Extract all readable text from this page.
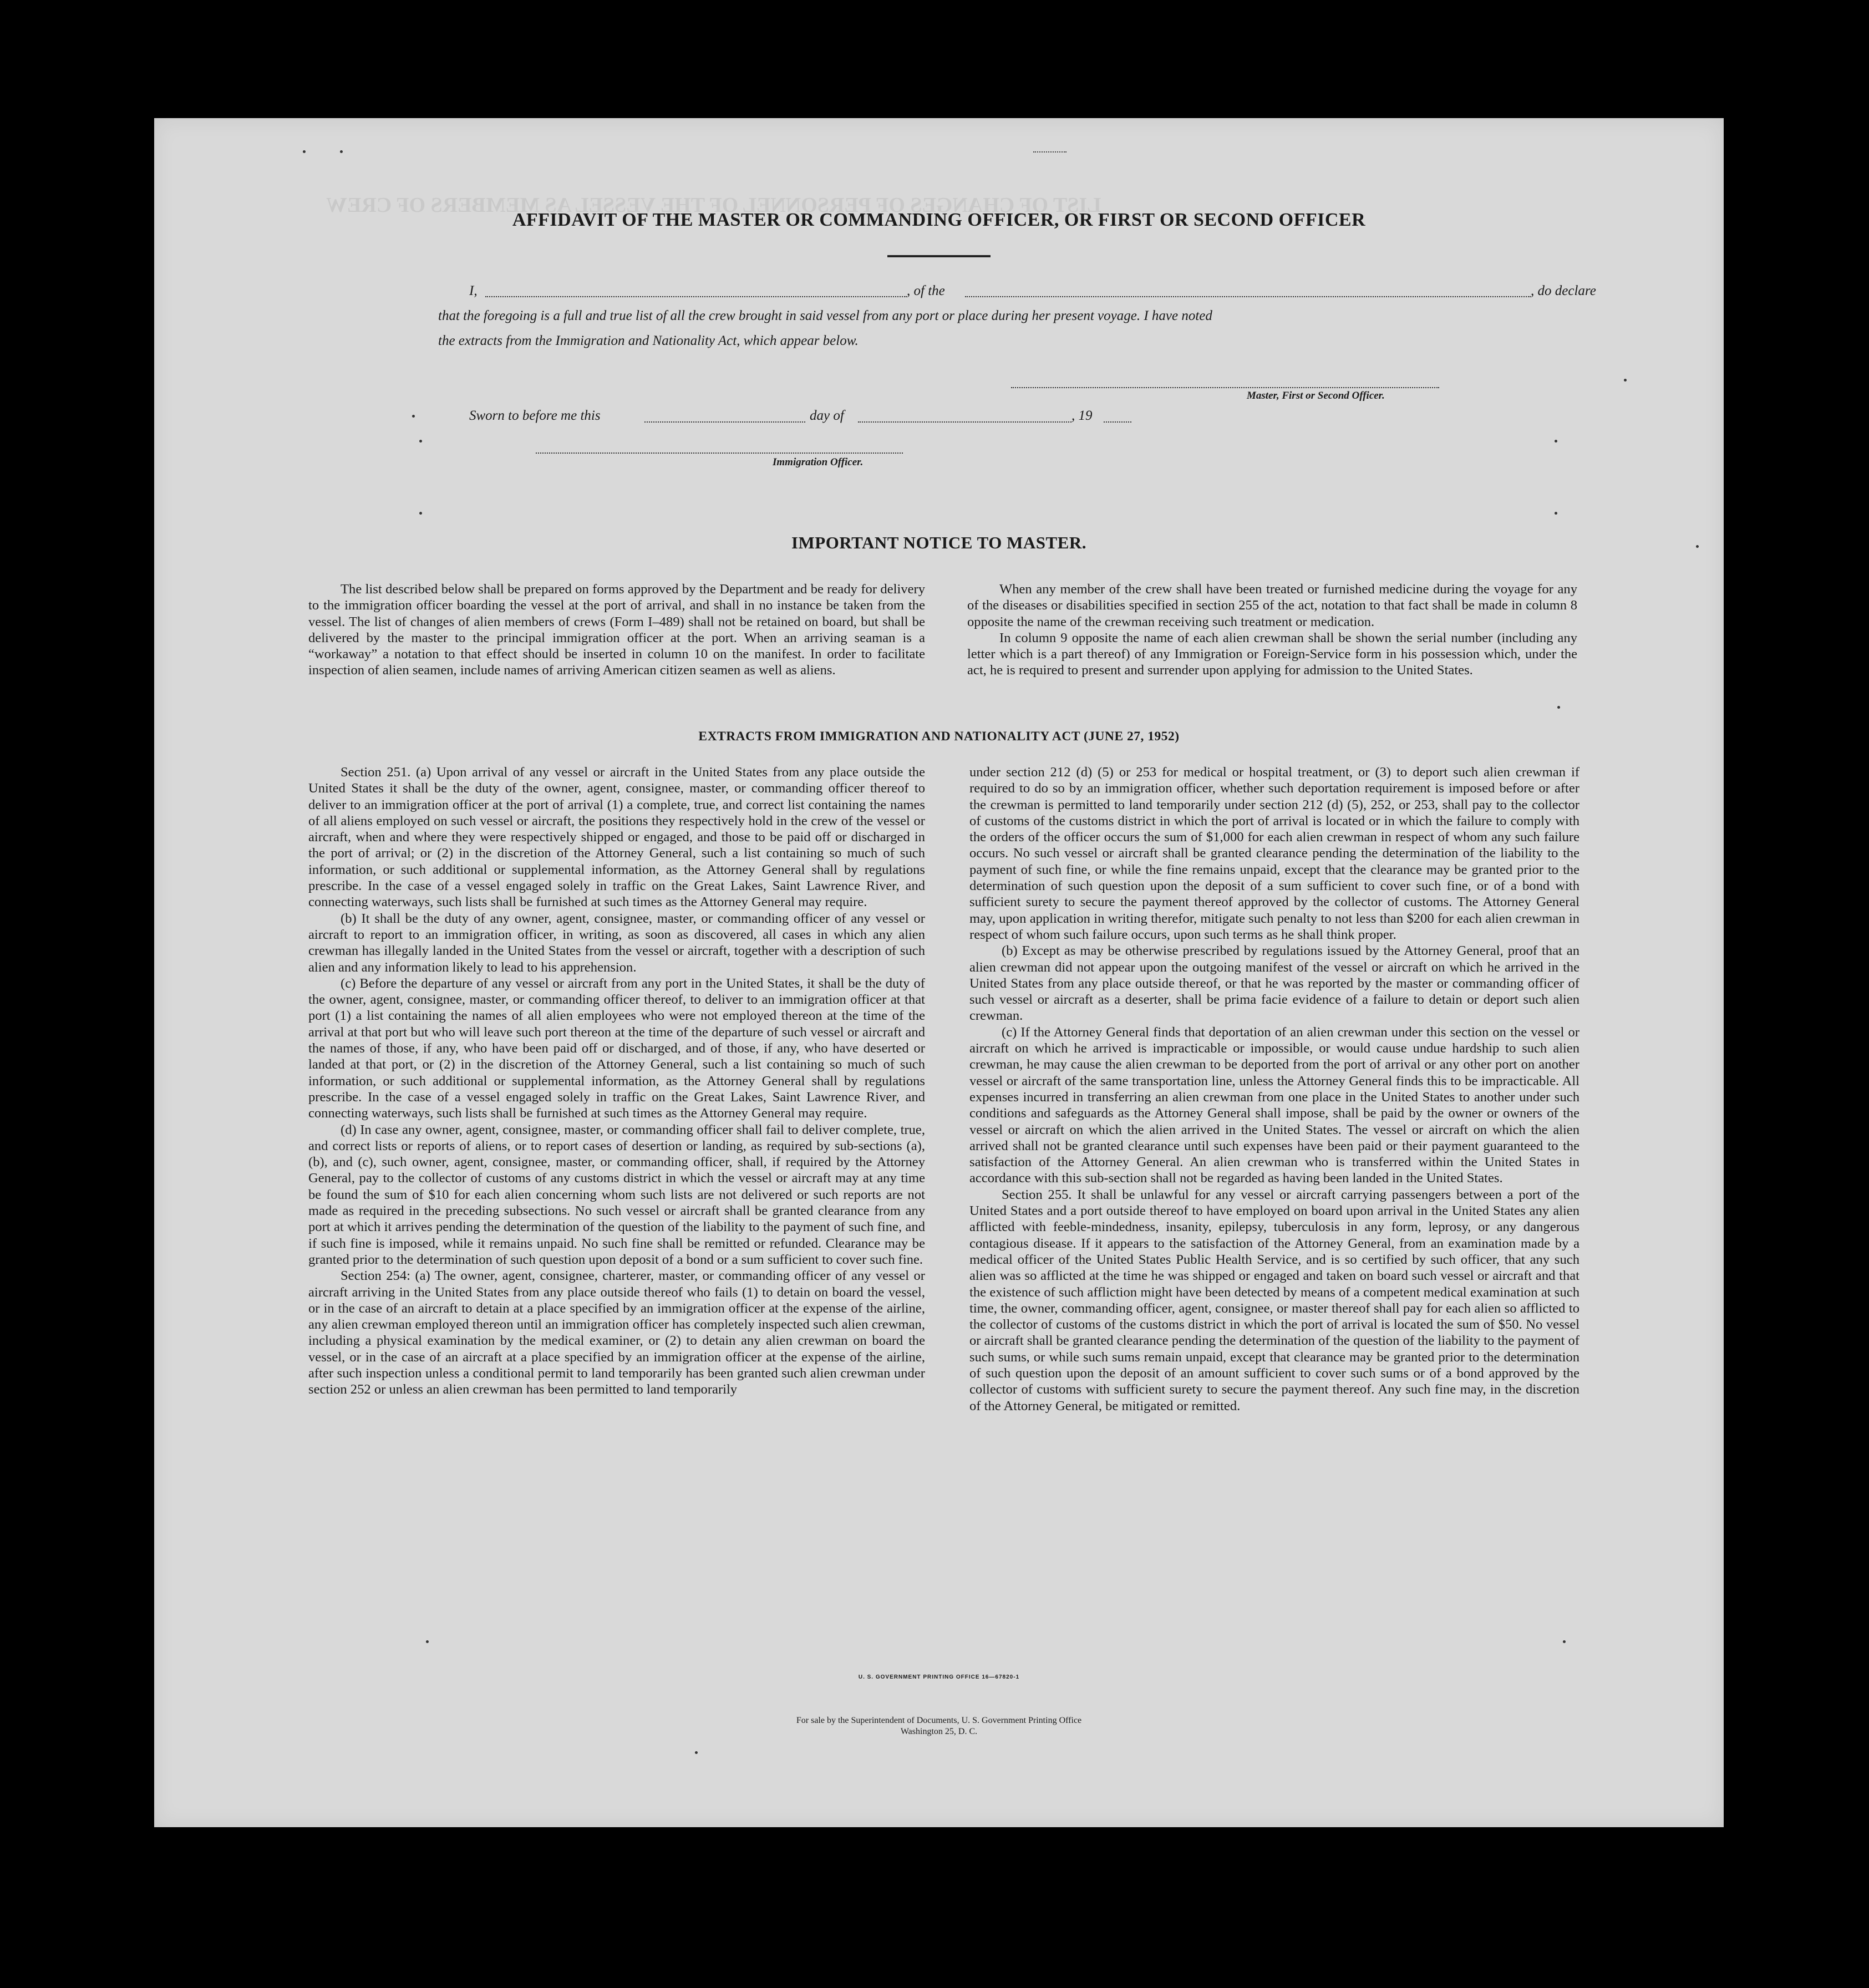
LIST OF CHANGES OF PERSONNEL OF THE VESSEL AS MEMBERS OF CREW
AFFIDAVIT OF THE MASTER OR COMMANDING OFFICER, OR FIRST OR SECOND OFFICER
I,	, of the	, do declare
that the foregoing is a full and true list of all the crew brought in said vessel from any port or place during her present voyage. I have noted
the extracts from the Immigration and Nationality Act, which appear below.
Master, First or Second Officer.
Sworn to before me this	day of	, 19
Immigration Officer.
IMPORTANT NOTICE TO MASTER.

The list described below shall be prepared on forms approved by the Department and be ready for delivery to the immigration officer boarding the vessel at the port of arrival, and shall in no instance be taken from the vessel. The list of changes of alien members of crews (Form I–489) shall not be retained on board, but shall be delivered by the master to the principal immigration officer at the port. When an arriving seaman is a “workaway” a notation to that effect should be inserted in column 10 on the manifest. In order to facilitate inspection of alien seamen, include names of arriving American citizen seamen as well as aliens.

When any member of the crew shall have been treated or furnished medicine during the voyage for any of the diseases or disabilities specified in section 255 of the act, notation to that fact shall be made in column 8 opposite the name of the crewman receiving such treatment or medication.

In column 9 opposite the name of each alien crewman shall be shown the serial number (including any letter which is a part thereof) of any Immigration or Foreign-Service form in his possession which, under the act, he is required to present and surrender upon applying for admission to the United States.

EXTRACTS FROM IMMIGRATION AND NATIONALITY ACT (JUNE 27, 1952)

Section 251. (a) Upon arrival of any vessel or aircraft in the United States from any place outside the United States it shall be the duty of the owner, agent, consignee, master, or commanding officer thereof to deliver to an immigration officer at the port of arrival (1) a complete, true, and correct list containing the names of all aliens employed on such vessel or aircraft, the positions they respectively hold in the crew of the vessel or aircraft, when and where they were respectively shipped or engaged, and those to be paid off or discharged in the port of arrival; or (2) in the discretion of the Attorney General, such a list containing so much of such information, or such additional or supplemental information, as the Attorney General shall by regulations prescribe. In the case of a vessel engaged solely in traffic on the Great Lakes, Saint Lawrence River, and connecting waterways, such lists shall be furnished at such times as the Attorney General may require.

(b) It shall be the duty of any owner, agent, consignee, master, or commanding officer of any vessel or aircraft to report to an immigration officer, in writing, as soon as discovered, all cases in which any alien crewman has illegally landed in the United States from the vessel or aircraft, together with a description of such alien and any information likely to lead to his apprehension.

(c) Before the departure of any vessel or aircraft from any port in the United States, it shall be the duty of the owner, agent, consignee, master, or commanding officer thereof, to deliver to an immigration officer at that port (1) a list containing the names of all alien employees who were not employed thereon at the time of the arrival at that port but who will leave such port thereon at the time of the departure of such vessel or aircraft and the names of those, if any, who have been paid off or discharged, and of those, if any, who have deserted or landed at that port, or (2) in the discretion of the Attorney General, such a list containing so much of such information, or such additional or supplemental information, as the Attorney General shall by regulations prescribe. In the case of a vessel engaged solely in traffic on the Great Lakes, Saint Lawrence River, and connecting waterways, such lists shall be furnished at such times as the Attorney General may require.

(d) In case any owner, agent, consignee, master, or commanding officer shall fail to deliver complete, true, and correct lists or reports of aliens, or to report cases of desertion or landing, as required by sub-sections (a), (b), and (c), such owner, agent, consignee, master, or commanding officer, shall, if required by the Attorney General, pay to the collector of customs of any customs district in which the vessel or aircraft may at any time be found the sum of $10 for each alien concerning whom such lists are not delivered or such reports are not made as required in the preceding subsections. No such vessel or aircraft shall be granted clearance from any port at which it arrives pending the determination of the question of the liability to the payment of such fine, and if such fine is imposed, while it remains unpaid. No such fine shall be remitted or refunded. Clearance may be granted prior to the determination of such question upon deposit of a bond or a sum sufficient to cover such fine.

Section 254: (a) The owner, agent, consignee, charterer, master, or commanding officer of any vessel or aircraft arriving in the United States from any place outside thereof who fails (1) to detain on board the vessel, or in the case of an aircraft to detain at a place specified by an immigration officer at the expense of the airline, any alien crewman employed thereon until an immigration officer has completely inspected such alien crewman, including a physical examination by the medical examiner, or (2) to detain any alien crewman on board the vessel, or in the case of an aircraft at a place specified by an immigration officer at the expense of the airline, after such inspection unless a conditional permit to land temporarily has been granted such alien crewman under section 252 or unless an alien crewman has been permitted to land temporarily

under section 212 (d) (5) or 253 for medical or hospital treatment, or (3) to deport such alien crewman if required to do so by an immigration officer, whether such deportation requirement is imposed before or after the crewman is permitted to land temporarily under section 212 (d) (5), 252, or 253, shall pay to the collector of customs of the customs district in which the port of arrival is located or in which the failure to comply with the orders of the officer occurs the sum of $1,000 for each alien crewman in respect of whom any such failure occurs. No such vessel or aircraft shall be granted clearance pending the determination of the liability to the payment of such fine, or while the fine remains unpaid, except that the clearance may be granted prior to the determination of such question upon the deposit of a sum sufficient to cover such fine, or of a bond with sufficient surety to secure the payment thereof approved by the collector of customs. The Attorney General may, upon application in writing therefor, mitigate such penalty to not less than $200 for each alien crewman in respect of whom such failure occurs, upon such terms as he shall think proper.

(b) Except as may be otherwise prescribed by regulations issued by the Attorney General, proof that an alien crewman did not appear upon the outgoing manifest of the vessel or aircraft on which he arrived in the United States from any place outside thereof, or that he was reported by the master or commanding officer of such vessel or aircraft as a deserter, shall be prima facie evidence of a failure to detain or deport such alien crewman.

(c) If the Attorney General finds that deportation of an alien crewman under this section on the vessel or aircraft on which he arrived is impracticable or impossible, or would cause undue hardship to such alien crewman, he may cause the alien crewman to be deported from the port of arrival or any other port on another vessel or aircraft of the same transportation line, unless the Attorney General finds this to be impracticable. All expenses incurred in transferring an alien crewman from one place in the United States to another under such conditions and safeguards as the Attorney General shall impose, shall be paid by the owner or owners of the vessel or aircraft on which the alien arrived in the United States. The vessel or aircraft on which the alien arrived shall not be granted clearance until such expenses have been paid or their payment guaranteed to the satisfaction of the Attorney General. An alien crewman who is transferred within the United States in accordance with this sub-section shall not be regarded as having been landed in the United States.

Section 255. It shall be unlawful for any vessel or aircraft carrying passengers between a port of the United States and a port outside thereof to have employed on board upon arrival in the United States any alien afflicted with feeble-mindedness, insanity, epilepsy, tuberculosis in any form, leprosy, or any dangerous contagious disease. If it appears to the satisfaction of the Attorney General, from an examination made by a medical officer of the United States Public Health Service, and is so certified by such officer, that any such alien was so afflicted at the time he was shipped or engaged and taken on board such vessel or aircraft and that the existence of such affliction might have been detected by means of a competent medical examination at such time, the owner, commanding officer, agent, consignee, or master thereof shall pay for each alien so afflicted to the collector of customs of the customs district in which the port of arrival is located the sum of $50. No vessel or aircraft shall be granted clearance pending the determination of the question of the liability to the payment of such sums, or while such sums remain unpaid, except that clearance may be granted prior to the determination of such question upon the deposit of an amount sufficient to cover such sums or of a bond approved by the collector of customs with sufficient surety to secure the payment thereof. Any such fine may, in the discretion of the Attorney General, be mitigated or remitted.

U. S. GOVERNMENT PRINTING OFFICE 16—67820-1
For sale by the Superintendent of Documents, U. S. Government Printing Office
Washington 25, D. C.
